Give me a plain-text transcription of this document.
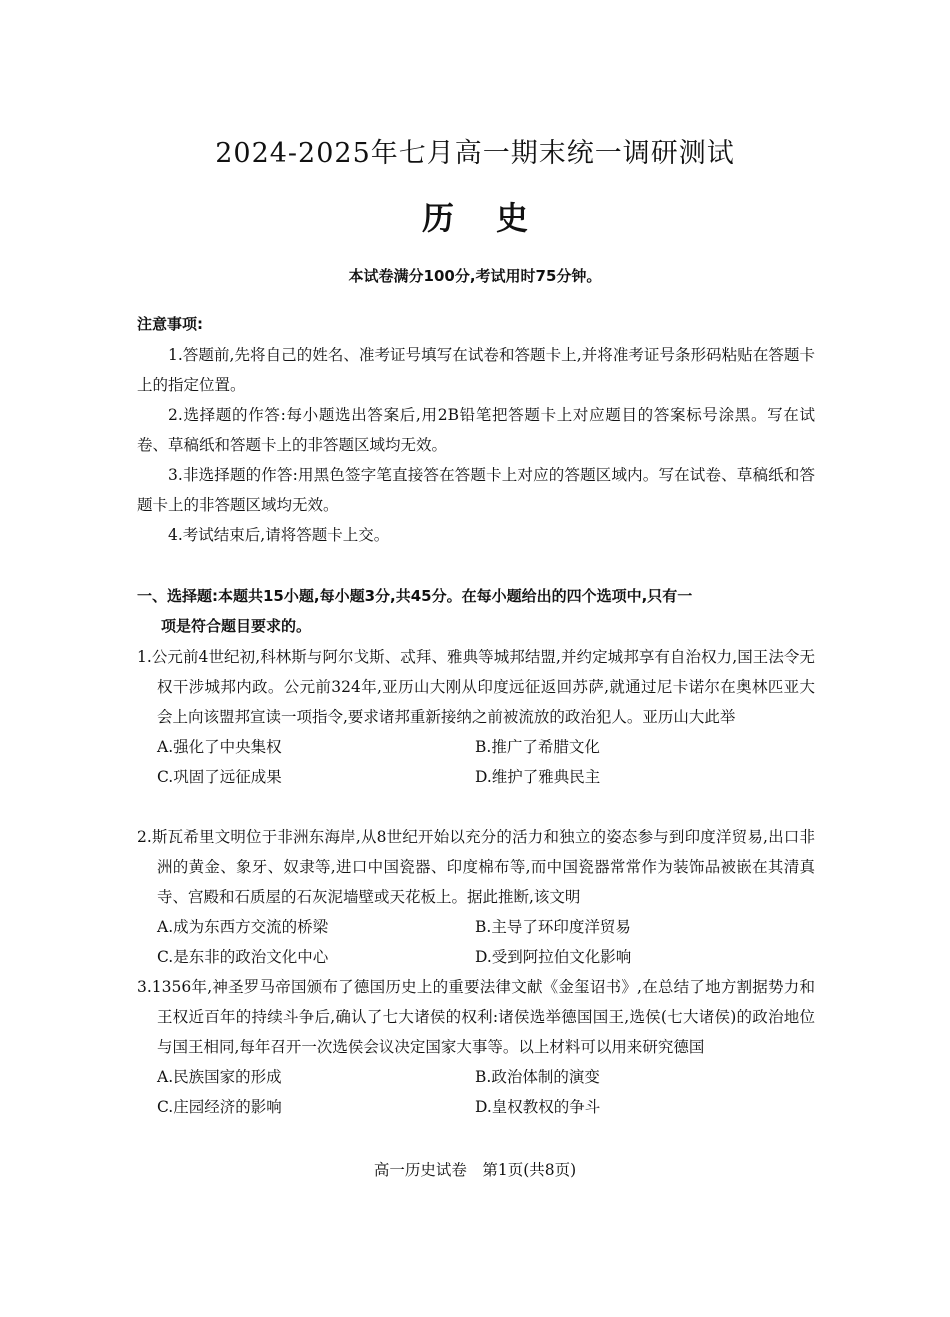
2024-2025年七月高一期末统一调研测试
历 史
本试卷满分100分,考试用时75分钟。
注意事项:
1.答题前,先将自己的姓名、准考证号填写在试卷和答题卡上,并将准考证号条形码粘贴在答题卡上的指定位置。
2.选择题的作答:每小题选出答案后,用2B铅笔把答题卡上对应题目的答案标号涂黑。写在试卷、草稿纸和答题卡上的非答题区域均无效。
3.非选择题的作答:用黑色签字笔直接答在答题卡上对应的答题区域内。写在试卷、草稿纸和答题卡上的非答题区域均无效。
4.考试结束后,请将答题卡上交。
一、选择题:本题共15小题,每小题3分,共45分。在每小题给出的四个选项中,只有一
项是符合题目要求的。
1.公元前4世纪初,科林斯与阿尔戈斯、忒拜、雅典等城邦结盟,并约定城邦享有自治权力,国王法令无权干涉城邦内政。公元前324年,亚历山大刚从印度远征返回苏萨,就通过尼卡诺尔在奥林匹亚大会上向该盟邦宣读一项指令,要求诸邦重新接纳之前被流放的政治犯人。亚历山大此举
A.强化了中央集权	B.推广了希腊文化
C.巩固了远征成果	D.维护了雅典民主
2.斯瓦希里文明位于非洲东海岸,从8世纪开始以充分的活力和独立的姿态参与到印度洋贸易,出口非洲的黄金、象牙、奴隶等,进口中国瓷器、印度棉布等,而中国瓷器常常作为装饰品被嵌在其清真寺、宫殿和石质屋的石灰泥墙壁或天花板上。据此推断,该文明
A.成为东西方交流的桥梁	B.主导了环印度洋贸易
C.是东非的政治文化中心	D.受到阿拉伯文化影响
3.1356年,神圣罗马帝国颁布了德国历史上的重要法律文献《金玺诏书》,在总结了地方割据势力和王权近百年的持续斗争后,确认了七大诸侯的权利:诸侯选举德国国王,选侯(七大诸侯)的政治地位与国王相同,每年召开一次选侯会议决定国家大事等。以上材料可以用来研究德国
A.民族国家的形成	B.政治体制的演变
C.庄园经济的影响	D.皇权教权的争斗
高一历史试卷　第1页(共8页)
